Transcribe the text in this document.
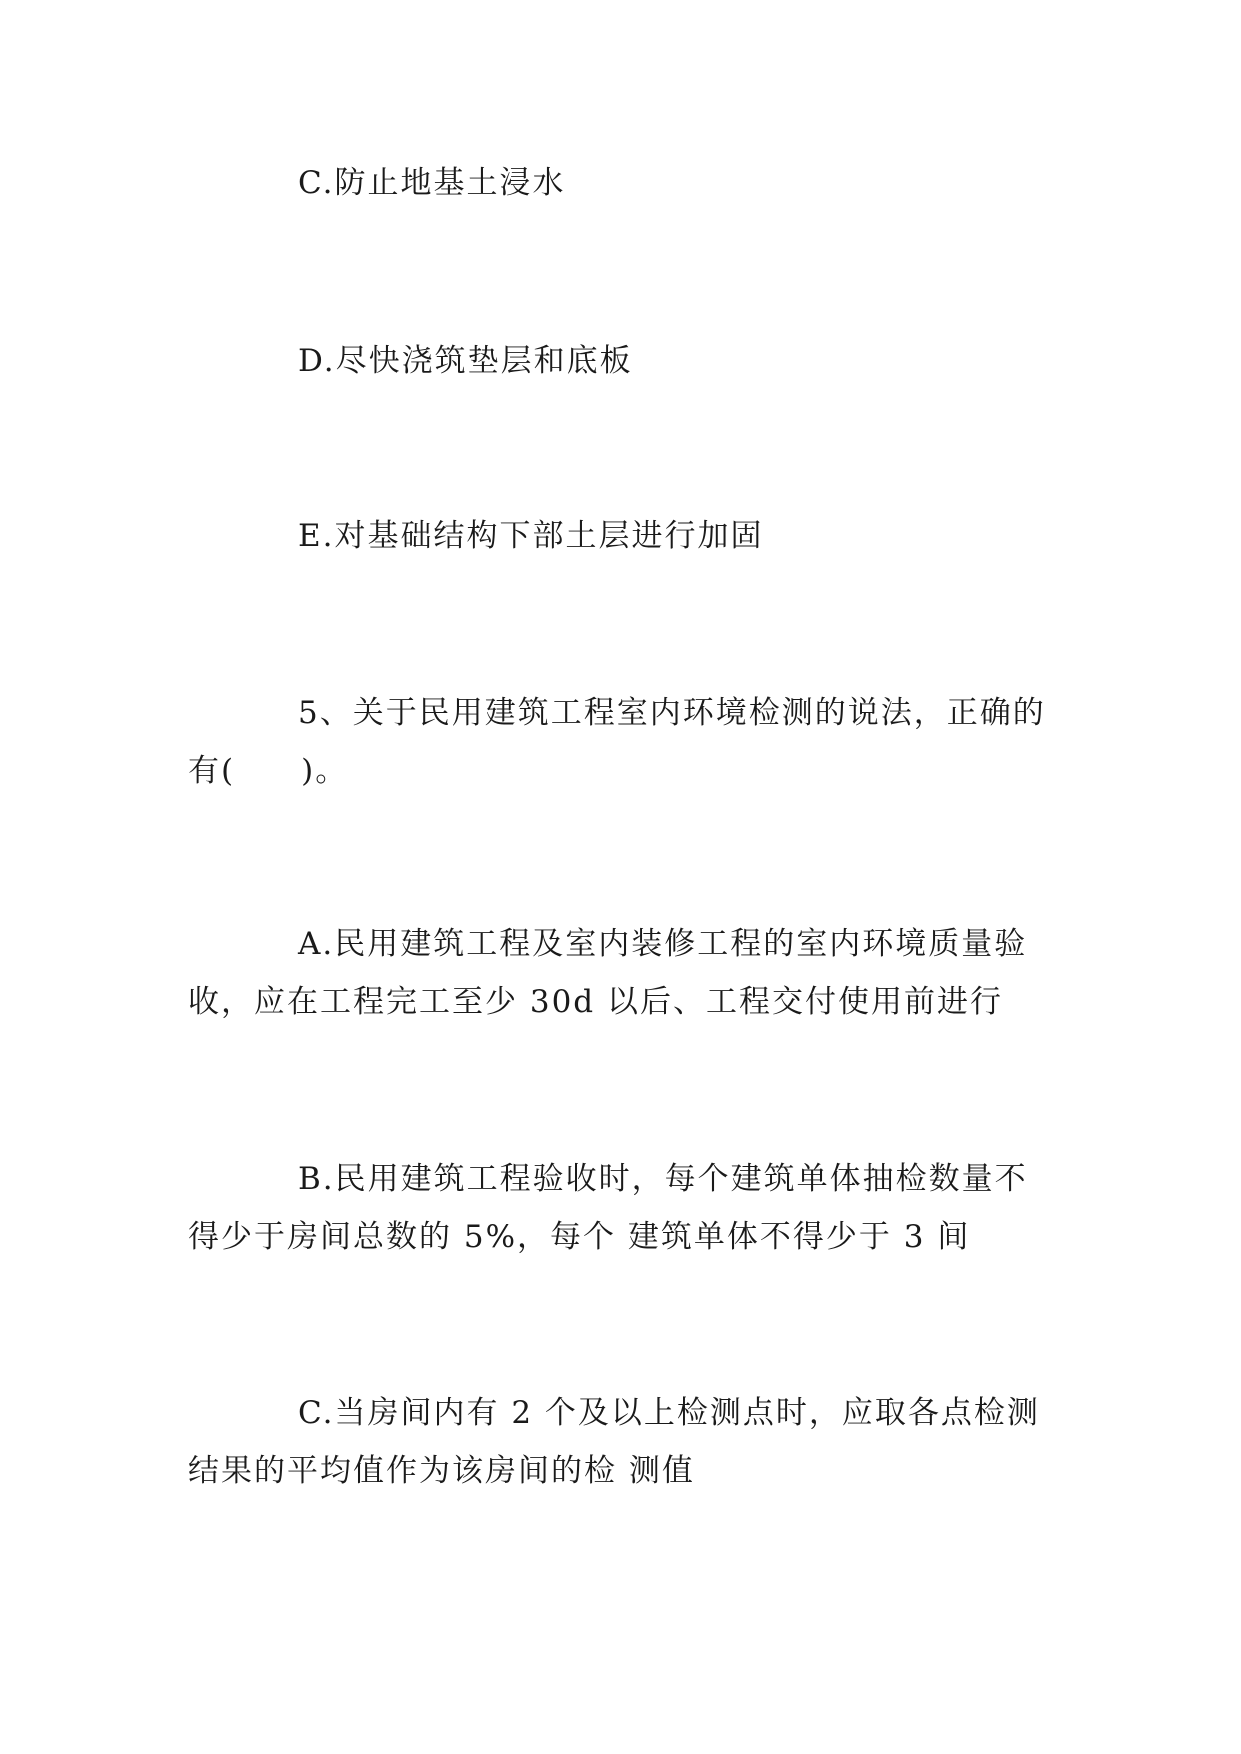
C.防止地基土浸水

D.尽快浇筑垫层和底板

E.对基础结构下部土层进行加固

5、关于民用建筑工程室内环境检测的说法，正确的有(　　)。

A.民用建筑工程及室内装修工程的室内环境质量验收，应在工程完工至少 30d 以后、工程交付使用前进行

B.民用建筑工程验收时，每个建筑单体抽检数量不得少于房间总数的 5%，每个 建筑单体不得少于 3 间

C.当房间内有 2 个及以上检测点时，应取各点检测结果的平均值作为该房间的检 测值
